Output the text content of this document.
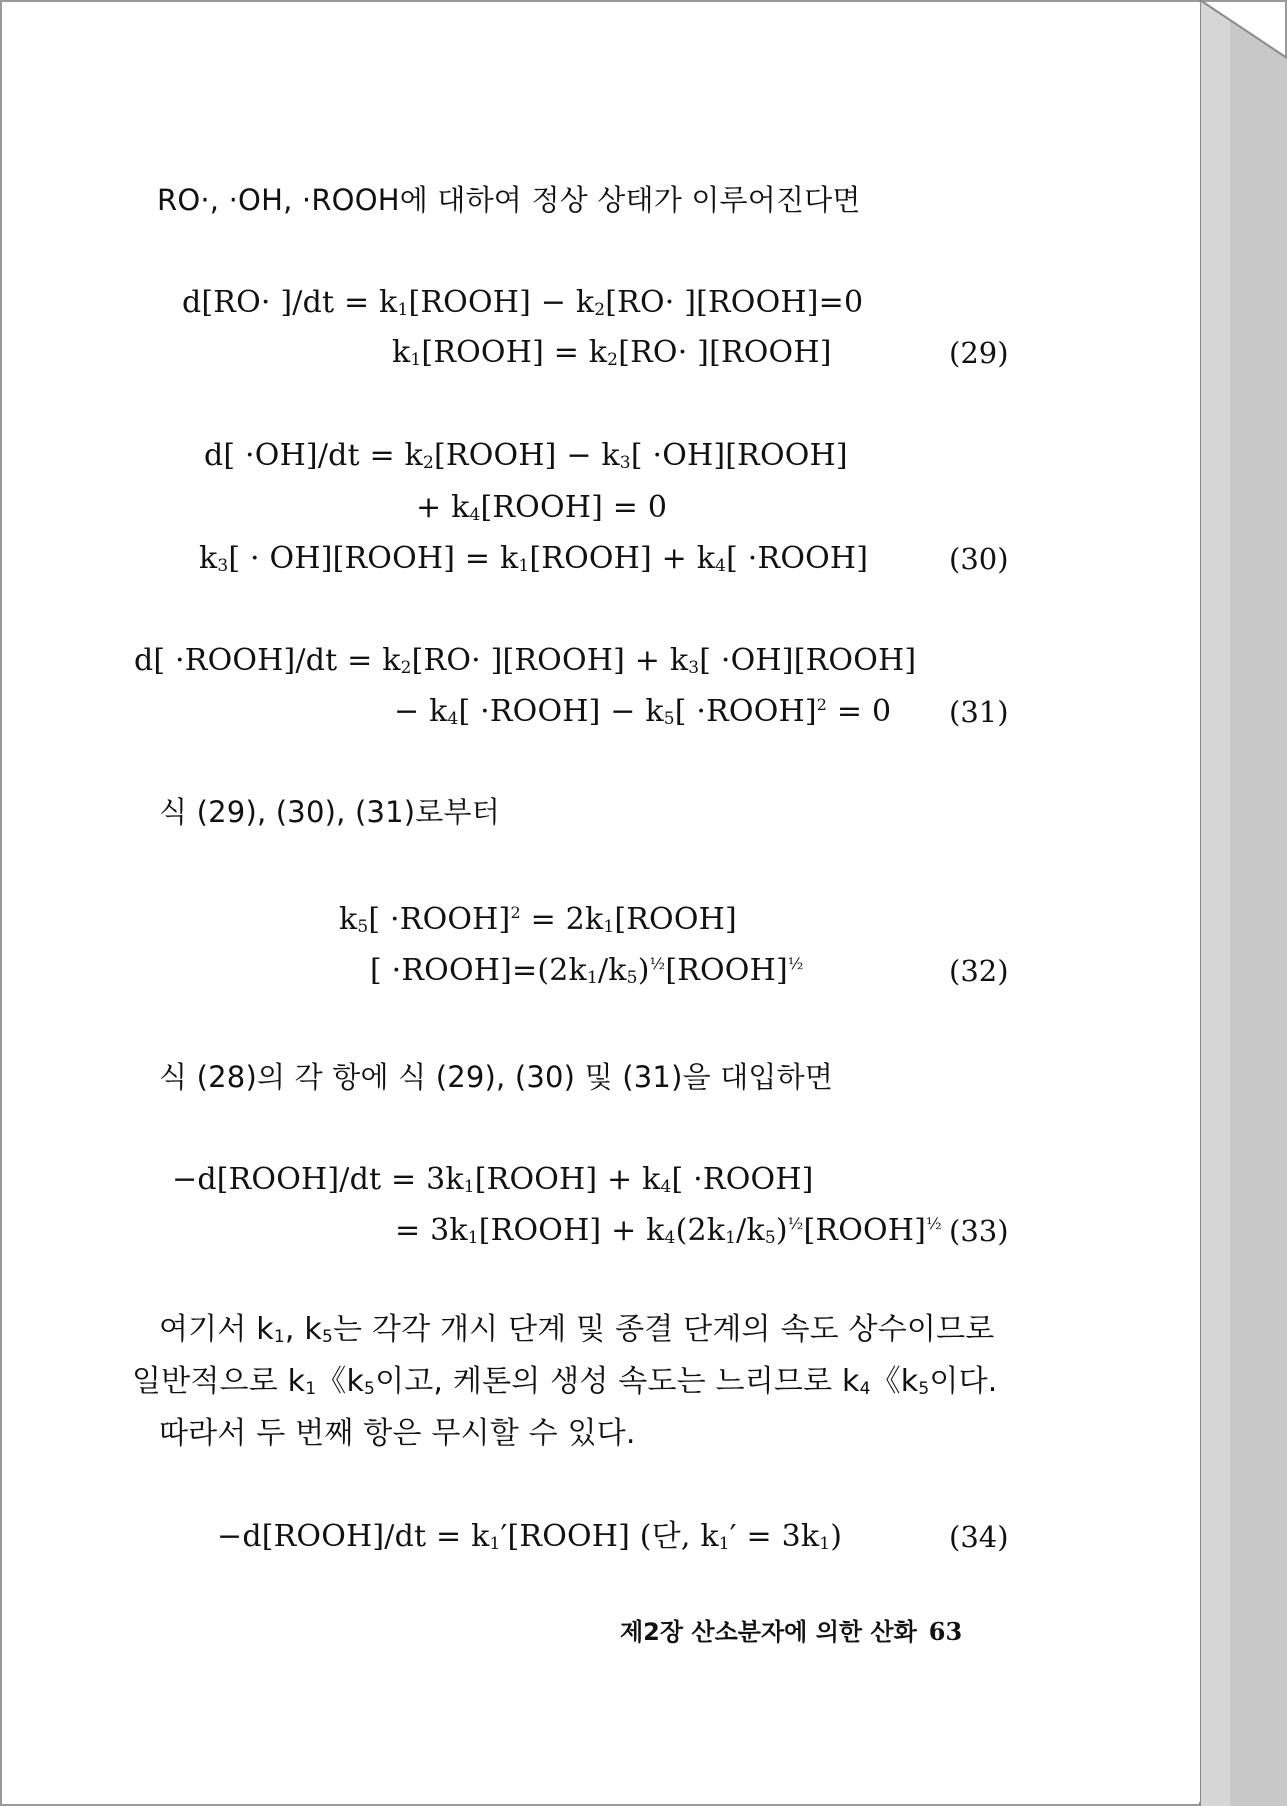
RO·, ·OH, ·ROOH에 대하여 정상 상태가 이루어진다면
$d[RO\cdot ]/dt = k_1[ROOH] - k_2[RO\cdot$ ][ROOH]=0
$k_1[ROOH] = k_2[RO\cdot$ ][ROOH]	(29)
$d[ \cdot OH]/dt = k_2[ROOH] - k_3$[ ·OH][ROOH]
+ $k_4[ROOH] = 0$
$k_3$[ · OH][ROOH] = $k_1[ROOH] + k_4$[ ·ROOH]	(30)
d[ ·ROOH]/dt = $k_2[RO\cdot$ ][ROOH] + $k_3$[ ·OH][ROOH]
− $k_4$[ ·ROOH] − $k_5$[ ·ROOH]$^2$ = 0 (31)
식 (29), (30), (31)로부터
$k_5$[ ·ROOH]$^2$ = $2k_1[ROOH]$
[ $\cdot ROOH]=(2k_1/k_5)^{\frac{1}{2}}[ROOH]^{\frac{1}{2}}$	(32)
식 (28)의 각 항에 식 (29), (30) 및 (31)을 대입하면
−d[ROOH]/dt = $3k_1[ROOH] + k_4$[ ·ROOH]
= $3k_1[ROOH]$ + $k_4(2k_1/k_5)^{\frac{1}{2}}[ROOH]^{\frac{1}{2}}$ (33)
여기서 $k_1$, $k_5$는 각각 개시 단계 및 종결 단계의 속도 상수이므로
일반적으로 $k_1$《$k_5$이고, 케톤의 생성 속도는 느리므로 $k_4$《$k_5$이다.
따라서 두 번째 항은 무시할 수 있다.
−d[ROOH]/dt = $k_1'[ROOH]$ (단, $k_1' = 3k_1$)	(34)
제2장 산소분자에 의한 산화 63
